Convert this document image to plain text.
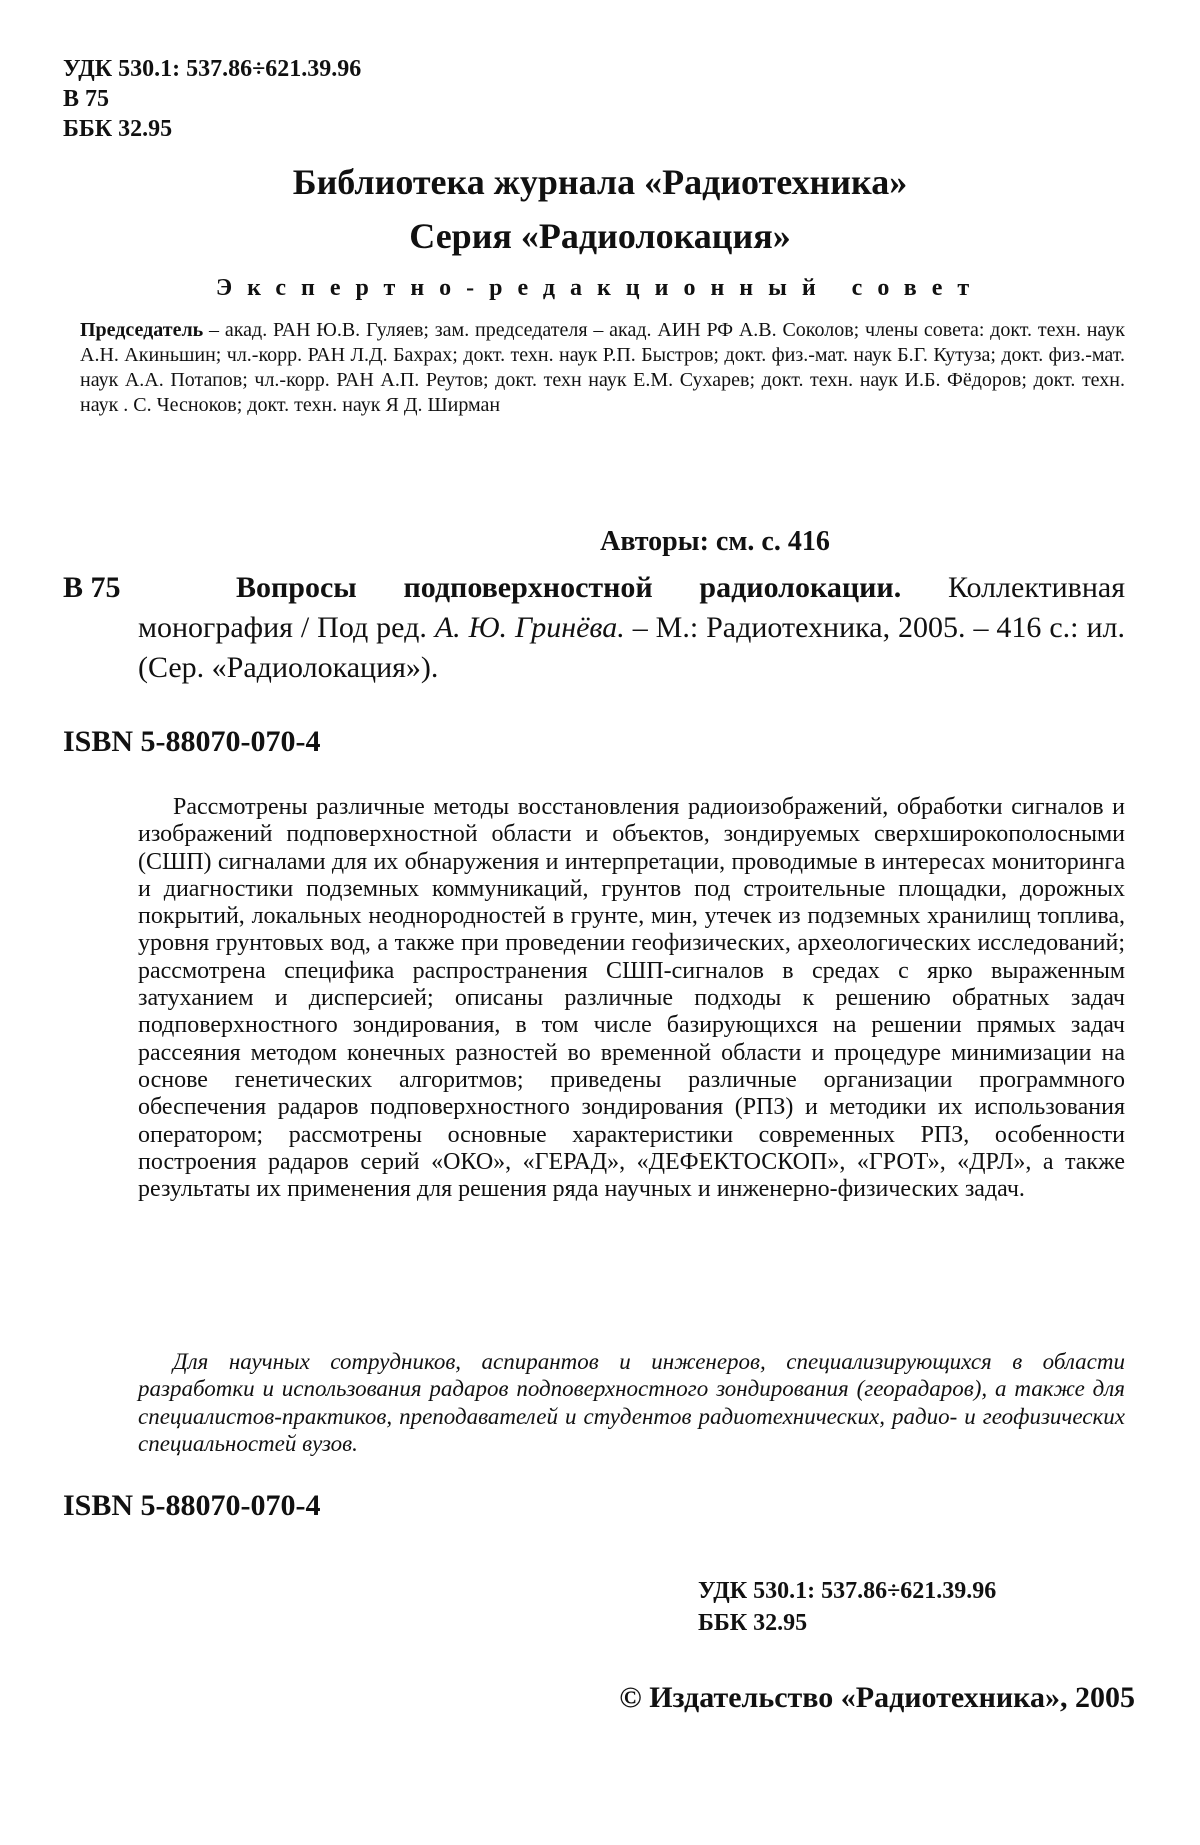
УДК 530.1: 537.86÷621.39.96
В 75
ББК 32.95
Библиотека журнала «Радиотехника»
Серия «Радиолокация»
Экспертно-редакционный совет
Председатель – акад. РАН Ю.В. Гуляев; зам. председателя – акад. АИН РФ А.В. Соколов; члены совета: докт. техн. наук А.Н. Акиньшин; чл.-корр. РАН Л.Д. Бахрах; докт. техн. наук Р.П. Быстров; докт. физ.-мат. наук Б.Г. Кутуза; докт. физ.-мат. наук А.А. Потапов; чл.-корр. РАН А.П. Реутов; докт. техн наук Е.М. Сухарев; докт. техн. наук И.Б. Фёдоров; докт. техн. наук . С. Чесноков; докт. техн. наук Я Д. Ширман
Авторы: см. с. 416
В 75	Вопросы подповерхностной радиолокации. Коллективная монография / Под ред. А. Ю. Гринёва. – М.: Радиотехника, 2005. – 416 с.: ил. (Сер. «Радиолокация»).
ISBN 5-88070-070-4

Рассмотрены различные методы восстановления радиоизображений, обработки сигналов и изображений подповерхностной области и объектов, зондируемых сверхширокополосными (СШП) сигналами для их обнаружения и интерпретации, проводимые в интересах мониторинга и диагностики подземных коммуникаций, грунтов под строительные площадки, дорожных покрытий, локальных неоднородностей в грунте, мин, утечек из подземных хранилищ топлива, уровня грунтовых вод, а также при проведении геофизических, археологических исследований; рассмотрена специфика распространения СШП-сигналов в средах с ярко выраженным затуханием и дисперсией; описаны различные подходы к решению обратных задач подповерхностного зондирования, в том числе базирующихся на решении прямых задач рассеяния методом конечных разностей во временной области и процедуре минимизации на основе генетических алгоритмов; приведены различные организации программного обеспечения радаров подповерхностного зондирования (РПЗ) и методики их использования оператором; рассмотрены основные характеристики современных РПЗ, особенности построения радаров серий «ОКО», «ГЕРАД», «ДЕФЕКТОСКОП», «ГРОТ», «ДРЛ», а также результаты их применения для решения ряда научных и инженерно-физических задач.

Для научных сотрудников, аспирантов и инженеров, специализирующихся в области разработки и использования радаров подповерхностного зондирования (георадаров), а также для специалистов-практиков, преподавателей и студентов радиотехнических, радио- и геофизических специальностей вузов.

ISBN 5-88070-070-4
УДК 530.1: 537.86÷621.39.96
ББК 32.95
© Издательство «Радиотехника», 2005
